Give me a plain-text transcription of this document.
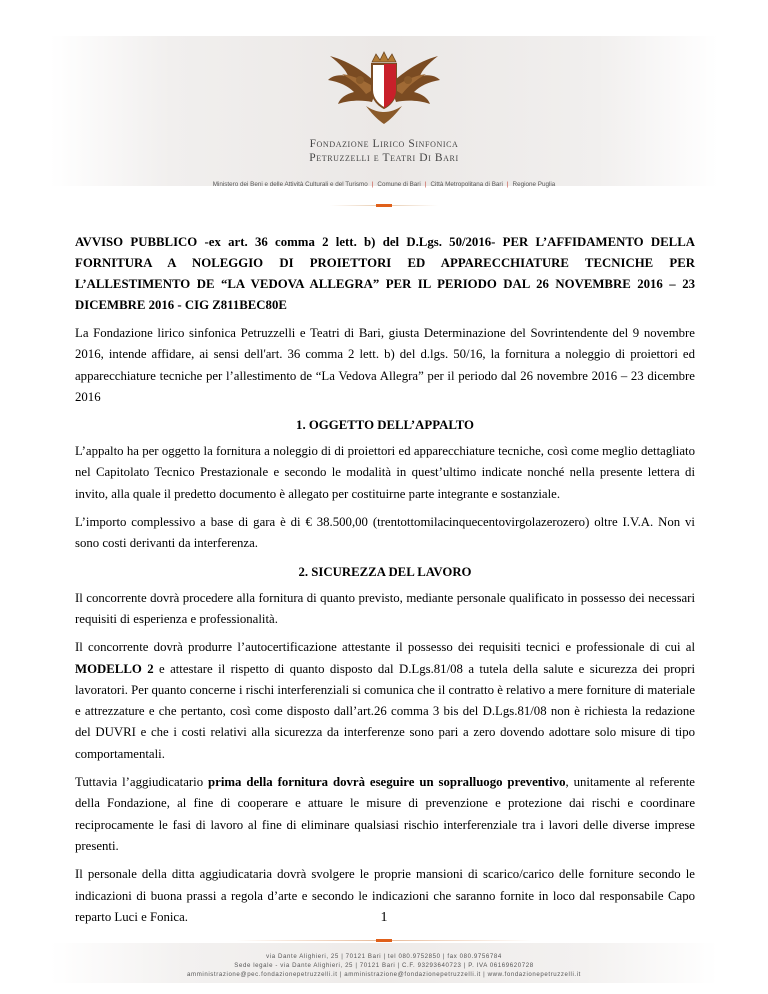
Fondazione Lirico Sinfonica
Petruzzelli e Teatri Di Bari
Ministero dei Beni e delle Attività Culturali e del Turismo | Comune di Bari | Città Metropolitana di Bari | Regione Puglia

AVVISO PUBBLICO -ex art. 36 comma 2 lett. b) del D.Lgs. 50/2016- PER L’AFFIDAMENTO DELLA FORNITURA A NOLEGGIO DI PROIETTORI ED APPARECCHIATURE TECNICHE PER L’ALLESTIMENTO DE “LA VEDOVA ALLEGRA” PER IL PERIODO DAL 26 NOVEMBRE 2016 – 23 DICEMBRE 2016 - CIG Z811BEC80E

La Fondazione lirico sinfonica Petruzzelli e Teatri di Bari, giusta Determinazione del Sovrintendente del 9 novembre 2016, intende affidare, ai sensi dell'art. 36 comma 2 lett. b) del d.lgs. 50/16, la fornitura a noleggio di proiettori ed apparecchiature tecniche per l’allestimento de “La Vedova Allegra” per il periodo dal 26 novembre 2016 – 23 dicembre 2016

1. OGGETTO DELL’APPALTO

L’appalto ha per oggetto la fornitura a noleggio di di proiettori ed apparecchiature tecniche, così come meglio dettagliato nel Capitolato Tecnico Prestazionale e secondo le modalità in quest’ultimo indicate nonché nella presente lettera di invito, alla quale il predetto documento è allegato per costituirne parte integrante e sostanziale.

L’importo complessivo a base di gara è di € 38.500,00 (trentottomilacinquecentovirgolazerozero) oltre I.V.A. Non vi sono costi derivanti da interferenza.

2. SICUREZZA DEL LAVORO

Il concorrente dovrà procedere alla fornitura di quanto previsto, mediante personale qualificato in possesso dei necessari requisiti di esperienza e professionalità.

Il concorrente dovrà produrre l’autocertificazione attestante il possesso dei requisiti tecnici e professionale di cui al MODELLO 2 e attestare il rispetto di quanto disposto dal D.Lgs.81/08 a tutela della salute e sicurezza dei propri lavoratori. Per quanto concerne i rischi interferenziali si comunica che il contratto è relativo a mere forniture di materiale e attrezzature e che pertanto, così come disposto dall’art.26 comma 3 bis del D.Lgs.81/08 non è richiesta la redazione del DUVRI e che i costi relativi alla sicurezza da interferenze sono pari a zero dovendo adottare solo misure di tipo comportamentali.

Tuttavia l’aggiudicatario prima della fornitura dovrà eseguire un sopralluogo preventivo, unitamente al referente della Fondazione, al fine di cooperare e attuare le misure di prevenzione e protezione dai rischi e coordinare reciprocamente le fasi di lavoro al fine di eliminare qualsiasi rischio interferenziale tra i lavori delle diverse imprese presenti.

Il personale della ditta aggiudicataria dovrà svolgere le proprie mansioni di scarico/carico delle forniture secondo le indicazioni di buona prassi a regola d’arte e secondo le indicazioni che saranno fornite in loco dal responsabile Capo reparto Luci e Fonica.	1
via Dante Alighieri, 25 | 70121 Bari | tel 080.9752850 | fax 080.9756784
Sede legale - via Dante Alighieri, 25 | 70121 Bari | C.F. 93293640723 | P. IVA 06169620728
amministrazione@pec.fondazionepetruzzelli.it | amministrazione@fondazionepetruzzelli.it | www.fondazionepetruzzelli.it
